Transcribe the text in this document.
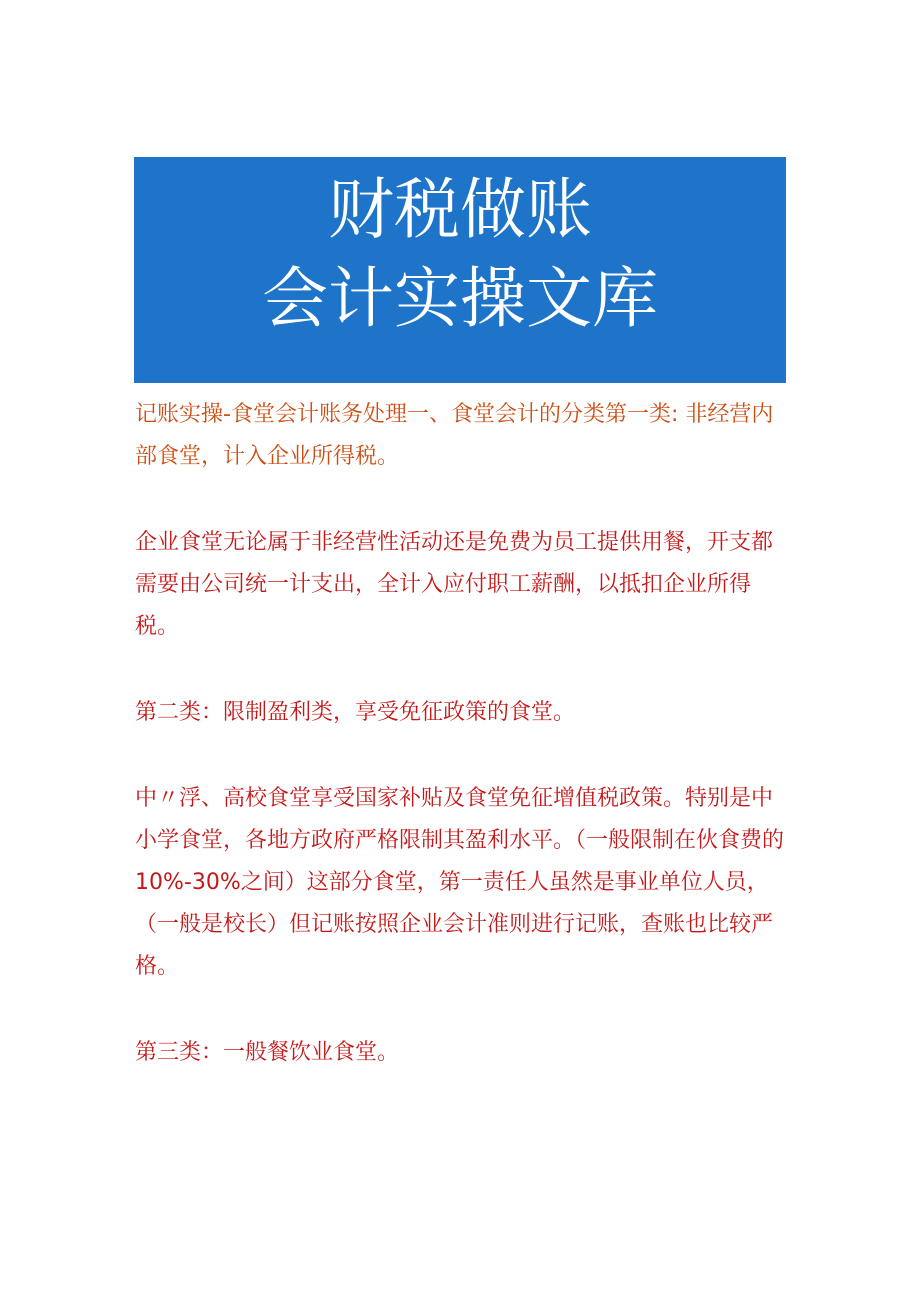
财税做账
会计实操文库

记账实操-食堂会计账务处理一、食堂会计的分类第一类: 非经营内部食堂，计入企业所得税。

企业食堂无论属于非经营性活动还是免费为员工提供用餐，开支都需要由公司统一计支出，全计入应付职工薪酬，以抵扣企业所得税。

第二类：限制盈利类，享受免征政策的食堂。

中〃浮、高校食堂享受国家补贴及食堂免征增值税政策。特别是中小学食堂，各地方政府严格限制其盈利水平。（一般限制在伙食费的10%-30%之间）这部分食堂，第一责任人虽然是事业单位人员，（一般是校长）但记账按照企业会计准则进行记账，查账也比较严格。

第三类：一般餐饮业食堂。
